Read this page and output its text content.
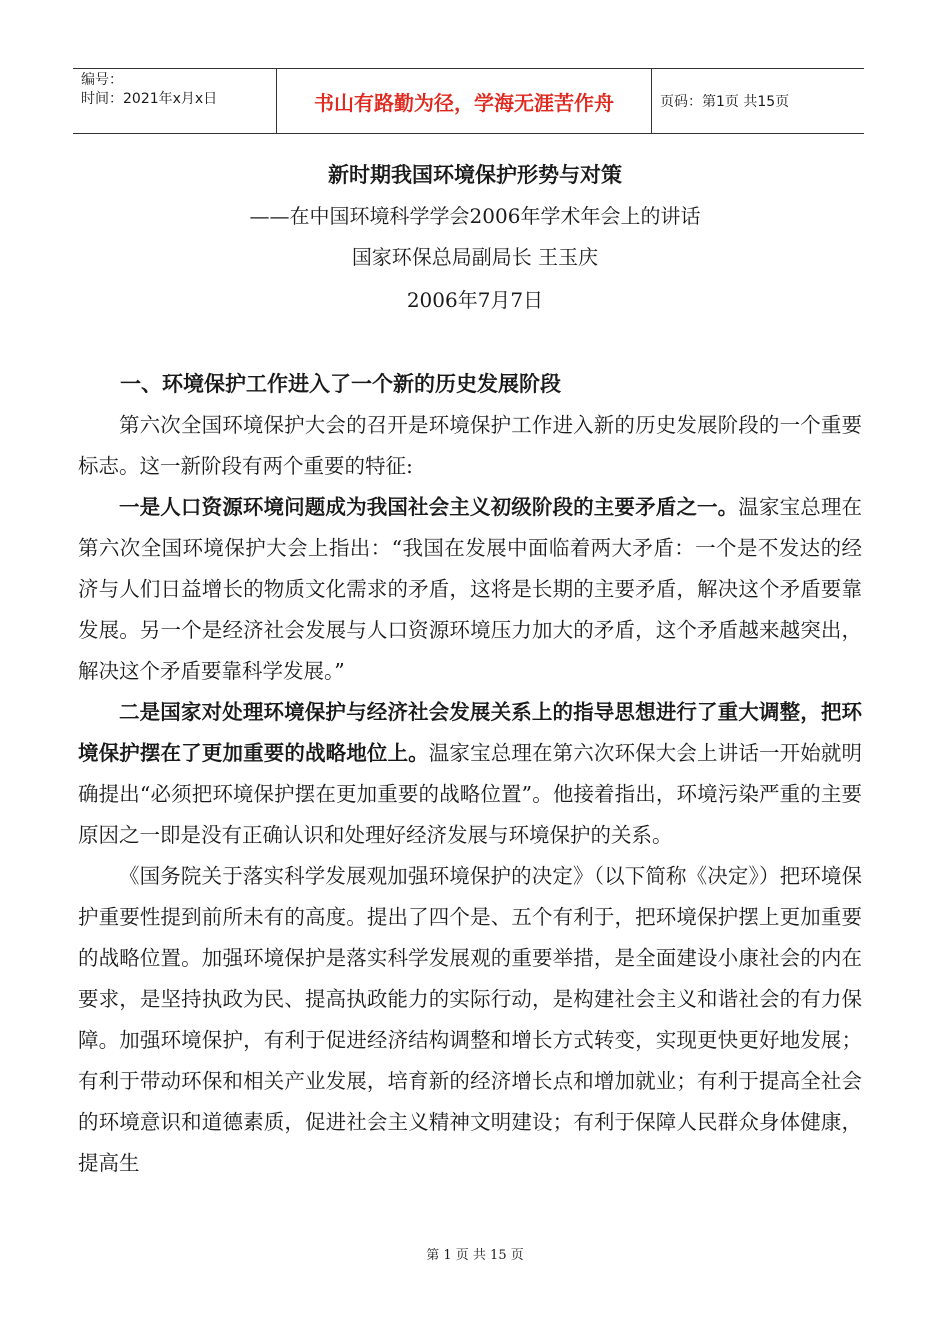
编号：
时间：2021年x月x日	书山有路勤为径，学海无涯苦作舟	页码：第1页 共15页
新时期我国环境保护形势与对策
——在中国环境科学学会2006年学术年会上的讲话
国家环保总局副局长 王玉庆
2006年7月7日
一、环境保护工作进入了一个新的历史发展阶段

第六次全国环境保护大会的召开是环境保护工作进入新的历史发展阶段的一个重要标志。这一新阶段有两个重要的特征:

一是人口资源环境问题成为我国社会主义初级阶段的主要矛盾之一。温家宝总理在第六次全国环境保护大会上指出：“我国在发展中面临着两大矛盾：一个是不发达的经济与人们日益增长的物质文化需求的矛盾，这将是长期的主要矛盾，解决这个矛盾要靠发展。另一个是经济社会发展与人口资源环境压力加大的矛盾，这个矛盾越来越突出，解决这个矛盾要靠科学发展。”

二是国家对处理环境保护与经济社会发展关系上的指导思想进行了重大调整，把环境保护摆在了更加重要的战略地位上。温家宝总理在第六次环保大会上讲话一开始就明确提出“必须把环境保护摆在更加重要的战略位置”。他接着指出，环境污染严重的主要原因之一即是没有正确认识和处理好经济发展与环境保护的关系。

《国务院关于落实科学发展观加强环境保护的决定》（以下简称《决定》）把环境保护重要性提到前所未有的高度。提出了四个是、五个有利于，把环境保护摆上更加重要的战略位置。加强环境保护是落实科学发展观的重要举措，是全面建设小康社会的内在要求，是坚持执政为民、提高执政能力的实际行动，是构建社会主义和谐社会的有力保障。加强环境保护，有利于促进经济结构调整和增长方式转变，实现更快更好地发展；有利于带动环保和相关产业发展，培育新的经济增长点和增加就业；有利于提高全社会的环境意识和道德素质，促进社会主义精神文明建设；有利于保障人民群众身体健康，提高生

第 1 页 共 15 页
